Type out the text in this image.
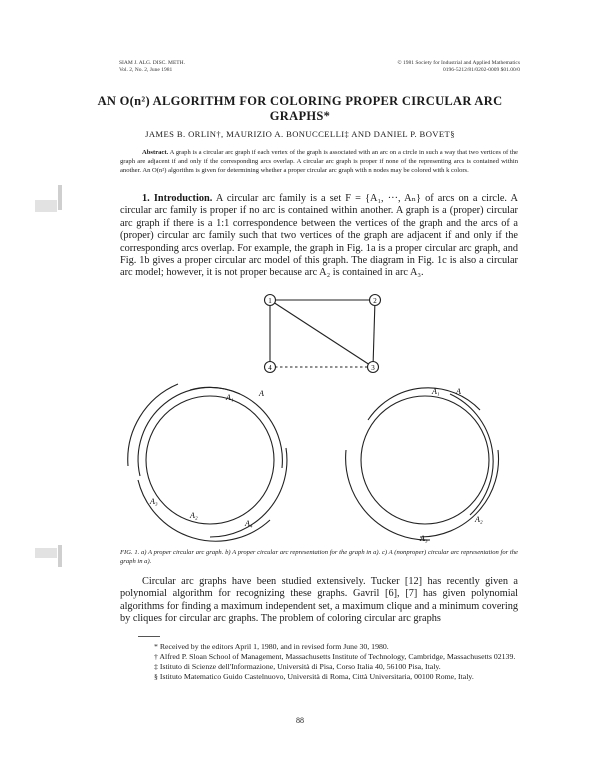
SIAM J. ALG. DISC. METH.
Vol. 2, No. 2, June 1981
© 1981 Society for Industrial and Applied Mathematics
0196-5212/81/0202-0009 $01.00/0
AN O(n²) ALGORITHM FOR COLORING PROPER CIRCULAR ARC
GRAPHS*
JAMES B. ORLIN†, MAURIZIO A. BONUCCELLI‡ AND DANIEL P. BOVET§
Abstract. A graph is a circular arc graph if each vertex of the graph is associated with an arc on a circle in such a way that two vertices of the graph are adjacent if and only if the corresponding arcs overlap. A circular arc graph is proper if none of the representing arcs is contained within another. An O(n²) algorithm is given for determining whether a proper circular arc graph with n nodes may be colored with k colors.
1. Introduction. A circular arc family is a set F = {A₁, ···, Aₙ} of arcs on a circle. A circular arc family is proper if no arc is contained within another. A graph is a (proper) circular arc graph if there is a 1:1 correspondence between the vertices of the graph and the arcs of a (proper) circular arc family such that two vertices of the graph are adjacent if and only if the corresponding arcs overlap. For example, the graph in Fig. 1a is a proper circular arc graph, and Fig. 1b gives a proper circular arc model of this graph. The diagram in Fig. 1c is also a circular arc model; however, it is not proper because arc A₂ is contained in arc A₃.
1	2
3
4
A
A₁
A₂
A₃
A₄
A
A₁
A₂
A₃
FIG. 1. a) A proper circular arc graph. b) A proper circular arc representation for the graph in a). c) A (nonproper) circular arc representation for the graph in a).
Circular arc graphs have been studied extensively. Tucker [12] has recently given a polynomial algorithm for recognizing these graphs. Gavril [6], [7] has given polynomial algorithms for finding a maximum independent set, a maximum clique and a minimum covering by cliques for circular arc graphs. The problem of coloring circular arc graphs
* Received by the editors April 1, 1980, and in revised form June 30, 1980.
† Alfred P. Sloan School of Management, Massachusetts Institute of Technology, Cambridge, Massachusetts 02139.
‡ Istituto di Scienze dell'Informazione, Università di Pisa, Corso Italia 40, 56100 Pisa, Italy.
§ Istituto Matematico Guido Castelnuovo, Università di Roma, Città Universitaria, 00100 Rome, Italy.
88
